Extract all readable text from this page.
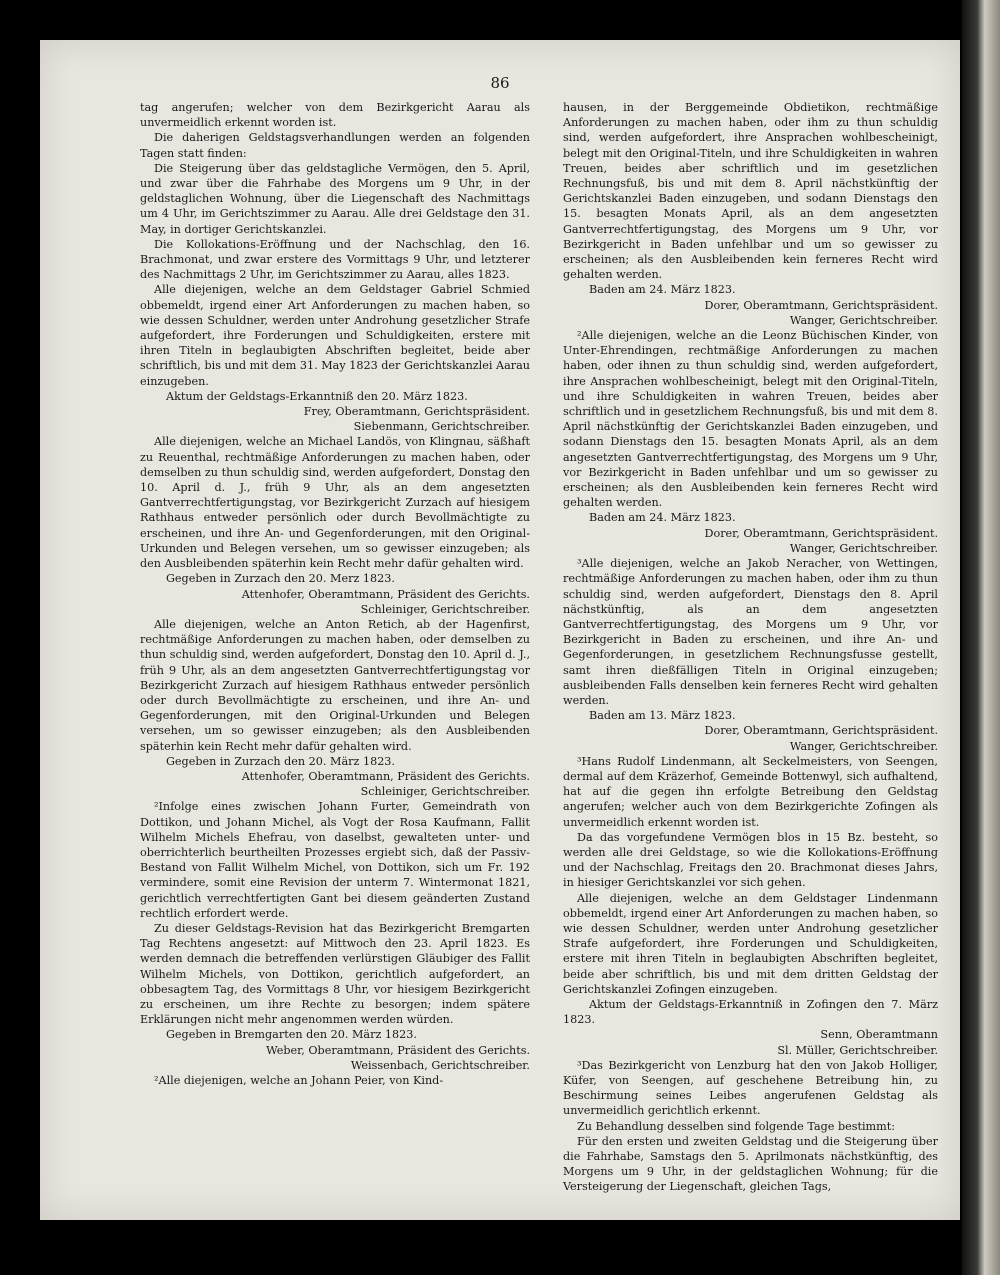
86

tag angerufen; welcher von dem Bezirkgericht Aarau als unvermeidlich erkennt worden ist.

Die daherigen Geldstagsverhandlungen werden an folgenden Tagen statt finden:

Die Steigerung über das geldstagliche Vermögen, den 5. April, und zwar über die Fahrhabe des Morgens um 9 Uhr, in der geldstaglichen Wohnung, über die Liegenschaft des Nachmittags um 4 Uhr, im Gerichtszimmer zu Aarau. Alle drei Geldstage den 31. May, in dortiger Gerichtskanzlei.

Die Kollokations-Eröffnung und der Nachschlag, den 16. Brachmonat, und zwar erstere des Vormittags 9 Uhr, und letzterer des Nachmittags 2 Uhr, im Gerichtszimmer zu Aarau, alles 1823.

Alle diejenigen, welche an dem Geldstager Gabriel Schmied obbemeldt, irgend einer Art Anforderungen zu machen haben, so wie dessen Schuldner, werden unter Androhung gesetzlicher Strafe aufgefordert, ihre Forderungen und Schuldigkeiten, erstere mit ihren Titeln in beglaubigten Abschriften begleitet, beide aber schriftlich, bis und mit dem 31. May 1823 der Gerichtskanzlei Aarau einzugeben.

Aktum der Geldstags-Erkanntniß den 20. März 1823.

Frey, Oberamtmann, Gerichtspräsident.

Siebenmann, Gerichtschreiber.

Alle diejenigen, welche an Michael Landös, von Klingnau, säßhaft zu Reuenthal, rechtmäßige Anforderungen zu machen haben, oder demselben zu thun schuldig sind, werden aufgefordert, Donstag den 10. April d. J., früh 9 Uhr, als an dem angesetzten Gantverrechtfertigungstag, vor Bezirkgericht Zurzach auf hiesigem Rathhaus entweder persönlich oder durch Bevollmächtigte zu erscheinen, und ihre An- und Gegenforderungen, mit den Original-Urkunden und Belegen versehen, um so gewisser einzugeben; als den Ausbleibenden späterhin kein Recht mehr dafür gehalten wird.

Gegeben in Zurzach den 20. Merz 1823.

Attenhofer, Oberamtmann, Präsident des Gerichts.

Schleiniger, Gerichtschreiber.

Alle diejenigen, welche an Anton Retich, ab der Hagenfirst, rechtmäßige Anforderungen zu machen haben, oder demselben zu thun schuldig sind, werden aufgefordert, Donstag den 10. April d. J., früh 9 Uhr, als an dem angesetzten Gantverrechtfertigungstag vor Bezirkgericht Zurzach auf hiesigem Rathhaus entweder persönlich oder durch Bevollmächtigte zu erscheinen, und ihre An- und Gegenforderungen, mit den Original-Urkunden und Belegen versehen, um so gewisser einzugeben; als den Ausbleibenden späterhin kein Recht mehr dafür gehalten wird.

Gegeben in Zurzach den 20. März 1823.

Attenhofer, Oberamtmann, Präsident des Gerichts.

Schleiniger, Gerichtschreiber.

²Infolge eines zwischen Johann Furter, Gemeindrath von Dottikon, und Johann Michel, als Vogt der Rosa Kaufmann, Fallit Wilhelm Michels Ehefrau, von daselbst, gewalteten unter- und oberrichterlich beurtheilten Prozesses ergiebt sich, daß der Passiv-Bestand von Fallit Wilhelm Michel, von Dottikon, sich um Fr. 192 verminderе, somit eine Revision der unterm 7. Wintermonat 1821, gerichtlich verrechtfertigten Gant bei diesem geänderten Zustand rechtlich erfordert werde.

Zu dieser Geldstags-Revision hat das Bezirkgericht Bremgarten Tag Rechtens angesetzt: auf Mittwoch den 23. April 1823. Es werden demnach die betreffenden verlürstigen Gläubiger des Fallit Wilhelm Michels, von Dottikon, gerichtlich aufgefordert, an obbesagtem Tag, des Vormittags 8 Uhr, vor hiesigem Bezirkgericht zu erscheinen, um ihre Rechte zu besorgen; indem spätere Erklärungen nicht mehr angenommen werden würden.

Gegeben in Bremgarten den 20. März 1823.

Weber, Oberamtmann, Präsident des Gerichts.

Weissenbach, Gerichtschreiber.

²Alle diejenigen, welche an Johann Peier, von Kind-

hausen, in der Berggemeinde Obdietikon, rechtmäßige Anforderungen zu machen haben, oder ihm zu thun schuldig sind, werden aufgefordert, ihre Ansprachen wohlbescheinigt, belegt mit den Original-Titeln, und ihre Schuldigkeiten in wahren Treuen, beides aber schriftlich und im gesetzlichen Rechnungsfuß, bis und mit dem 8. April nächstkünftig der Gerichtskanzlei Baden einzugeben, und sodann Dienstags den 15. besagten Monats April, als an dem angesetzten Gantverrechtfertigungstag, des Morgens um 9 Uhr, vor Bezirkgericht in Baden unfehlbar und um so gewisser zu erscheinen; als den Ausbleibenden kein ferneres Recht wird gehalten werden.

Baden am 24. März 1823.

Dorer, Oberamtmann, Gerichtspräsident.

Wanger, Gerichtschreiber.

²Alle diejenigen, welche an die Leonz Büchischen Kinder, von Unter-Ehrendingen, rechtmäßige Anforderungen zu machen haben, oder ihnen zu thun schuldig sind, werden aufgefordert, ihre Ansprachen wohlbescheinigt, belegt mit den Original-Titeln, und ihre Schuldigkeiten in wahren Treuen, beides aber schriftlich und in gesetzlichem Rechnungsfuß, bis und mit dem 8. April nächstkünftig der Gerichtskanzlei Baden einzugeben, und sodann Dienstags den 15. besagten Monats April, als an dem angesetzten Gantverrechtfertigungstag, des Morgens um 9 Uhr, vor Bezirkgericht in Baden unfehlbar und um so gewisser zu erscheinen; als den Ausbleibenden kein ferneres Recht wird gehalten werden.

Baden am 24. März 1823.

Dorer, Oberamtmann, Gerichtspräsident.

Wanger, Gerichtschreiber.

³Alle diejenigen, welche an Jakob Neracher, von Wettingen, rechtmäßige Anforderungen zu machen haben, oder ihm zu thun schuldig sind, werden aufgefordert, Dienstags den 8. April nächstkünftig, als an dem angesetzten Gantverrechtfertigungstag, des Morgens um 9 Uhr, vor Bezirkgericht in Baden zu erscheinen, und ihre An- und Gegenforderungen, in gesetzlichem Rechnungsfusse gestellt, samt ihren dießfälligen Titeln in Original einzugeben; ausbleibenden Falls denselben kein ferneres Recht wird gehalten werden.

Baden am 13. März 1823.

Dorer, Oberamtmann, Gerichtspräsident.

Wanger, Gerichtschreiber.

³Hans Rudolf Lindenmann, alt Seckelmeisters, von Seengen, dermal auf dem Kräzerhof, Gemeinde Bottenwyl, sich aufhaltend, hat auf die gegen ihn erfolgte Betreibung den Geldstag angerufen; welcher auch von dem Bezirkgerichte Zofingen als unvermeidlich erkennt worden ist.

Da das vorgefundene Vermögen blos in 15 Bz. besteht, so werden alle drei Geldstage, so wie die Kollokations-Eröffnung und der Nachschlag, Freitags den 20. Brachmonat dieses Jahrs, in hiesiger Gerichtskanzlei vor sich gehen.

Alle diejenigen, welche an dem Geldstager Lindenmann obbemeldt, irgend einer Art Anforderungen zu machen haben, so wie dessen Schuldner, werden unter Androhung gesetzlicher Strafe aufgefordert, ihre Forderungen und Schuldigkeiten, erstere mit ihren Titeln in beglaubigten Abschriften begleitet, beide aber schriftlich, bis und mit dem dritten Geldstag der Gerichtskanzlei Zofingen einzugeben.

Aktum der Geldstags-Erkanntniß in Zofingen den 7. März 1823.

Senn, Oberamtmann

Sl. Müller, Gerichtschreiber.

³Das Bezirkgericht von Lenzburg hat den von Jakob Holliger, Küfer, von Seengen, auf geschehene Betreibung hin, zu Beschirmung seines Leibes angerufenen Geldstag als unvermeidlich gerichtlich erkennt.

Zu Behandlung desselben sind folgende Tage bestimmt:

Für den ersten und zweiten Geldstag und die Steigerung über die Fahrhabe, Samstags den 5. Aprilmonats nächstkünftig, des Morgens um 9 Uhr, in der geldstaglichen Wohnung; für die Versteigerung der Liegenschaft, gleichen Tags,
